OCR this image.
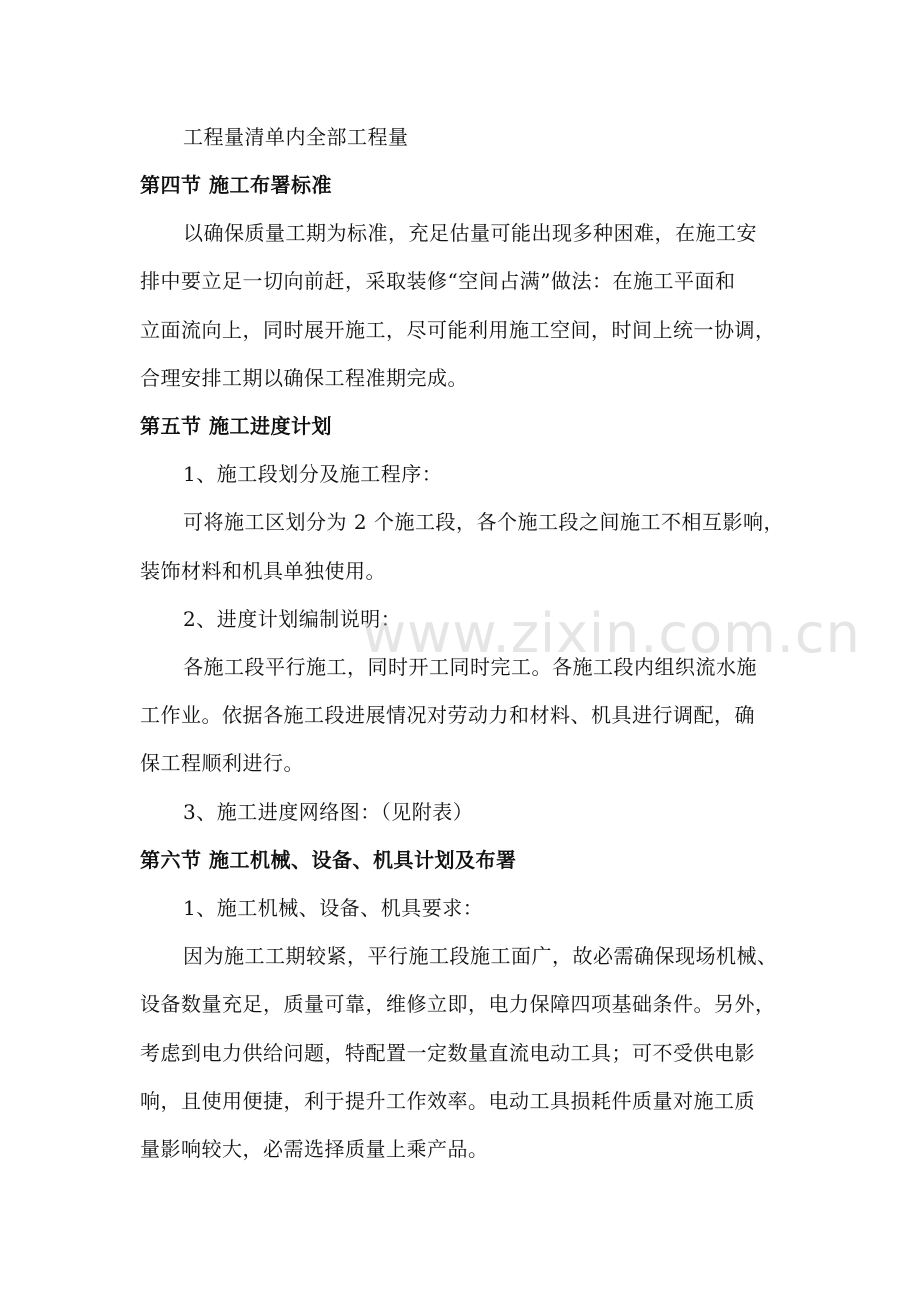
工程量清单内全部工程量
第四节 施工布署标准
以确保质量工期为标准，充足估量可能出现多种困难，在施工安
排中要立足一切向前赶，采取装修“空间占满”做法：在施工平面和
立面流向上，同时展开施工，尽可能利用施工空间，时间上统一协调，
合理安排工期以确保工程准期完成。
第五节 施工进度计划
1、施工段划分及施工程序：
可将施工区划分为 2 个施工段，各个施工段之间施工不相互影响，
装饰材料和机具单独使用。
2、进度计划编制说明：
各施工段平行施工，同时开工同时完工。各施工段内组织流水施
工作业。依据各施工段进展情况对劳动力和材料、机具进行调配，确
保工程顺利进行。
3、施工进度网络图：（见附表）
第六节 施工机械、设备、机具计划及布署
1、施工机械、设备、机具要求：
因为施工工期较紧，平行施工段施工面广，故必需确保现场机械、
设备数量充足，质量可靠，维修立即，电力保障四项基础条件。另外，
考虑到电力供给问题，特配置一定数量直流电动工具；可不受供电影
响，且使用便捷，利于提升工作效率。电动工具损耗件质量对施工质
量影响较大，必需选择质量上乘产品。
www.zixin.com.cn
